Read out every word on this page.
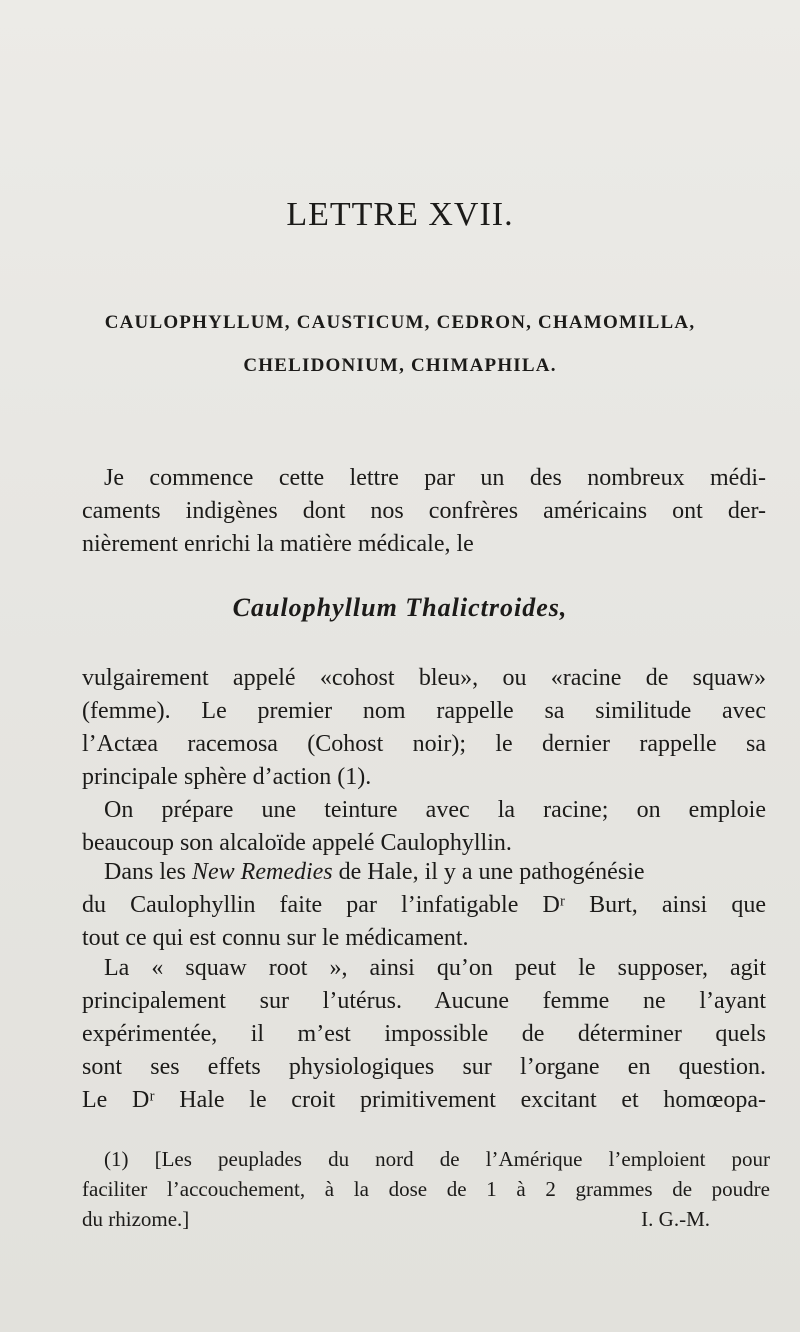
LETTRE XVII.
CAULOPHYLLUM, CAUSTICUM, CEDRON, CHAMOMILLA,
CHELIDONIUM, CHIMAPHILA.
Je commence cette lettre par un des nombreux médi-
caments indigènes dont nos confrères américains ont der-
nièrement enrichi la matière médicale, le
Caulophyllum Thalictroides,
vulgairement appelé «cohost bleu», ou «racine de squaw»
(femme). Le premier nom rappelle sa similitude avec
l’Actæa racemosa (Cohost noir); le dernier rappelle sa
principale sphère d’action (1).
On prépare une teinture avec la racine; on emploie
beaucoup son alcaloïde appelé Caulophyllin.
Dans les New Remedies de Hale, il y a une pathogénésie
du Caulophyllin faite par l’infatigable Dʳ Burt, ainsi que
tout ce qui est connu sur le médicament.
La « squaw root », ainsi qu’on peut le supposer, agit
principalement sur l’utérus. Aucune femme ne l’ayant
expérimentée, il m’est impossible de déterminer quels
sont ses effets physiologiques sur l’organe en question.
Le Dʳ Hale le croit primitivement excitant et homœopa-
(1) [Les peuplades du nord de l’Amérique l’emploient pour
faciliter l’accouchement, à la dose de 1 à 2 grammes de poudre
du rhizome.]	I. G.-M.
